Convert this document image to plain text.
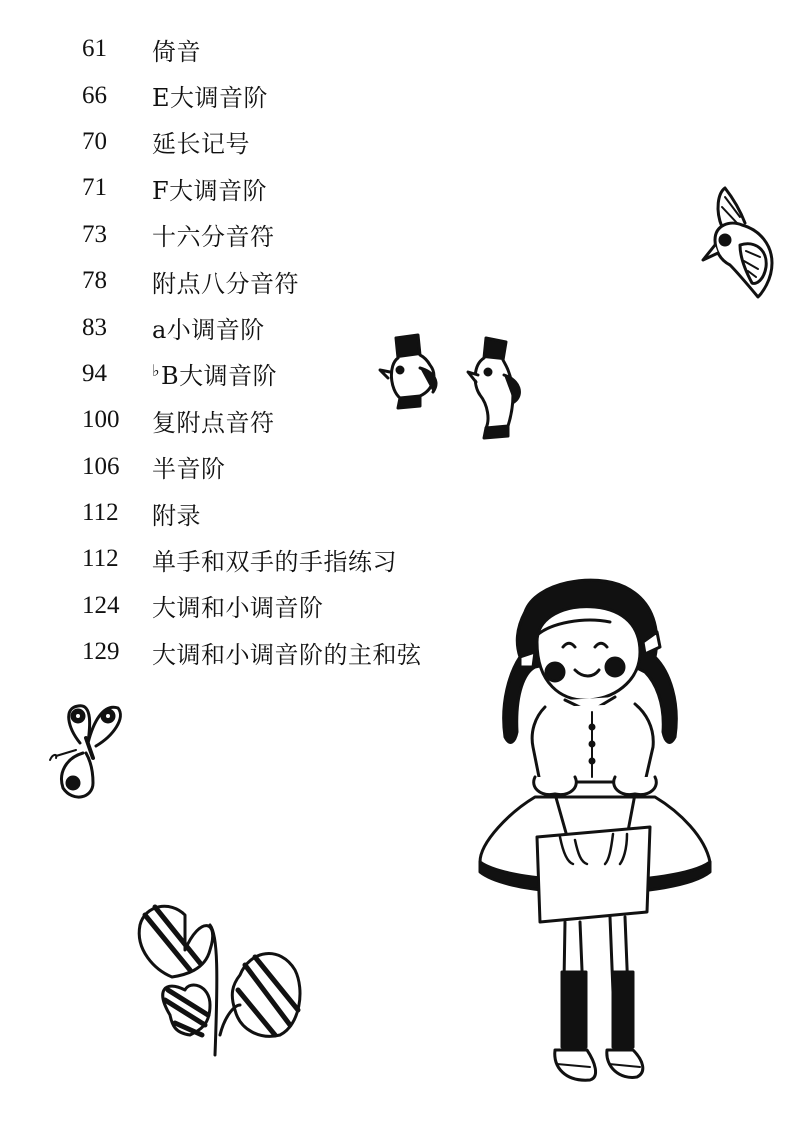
61	倚音
66	E大调音阶
70	延长记号
71	F大调音阶
73	十六分音符
78	附点八分音符
83	a小调音阶
94	♭B大调音阶
100	复附点音符
106	半音阶
112	附录
112	单手和双手的手指练习
124	大调和小调音阶
129	大调和小调音阶的主和弦
